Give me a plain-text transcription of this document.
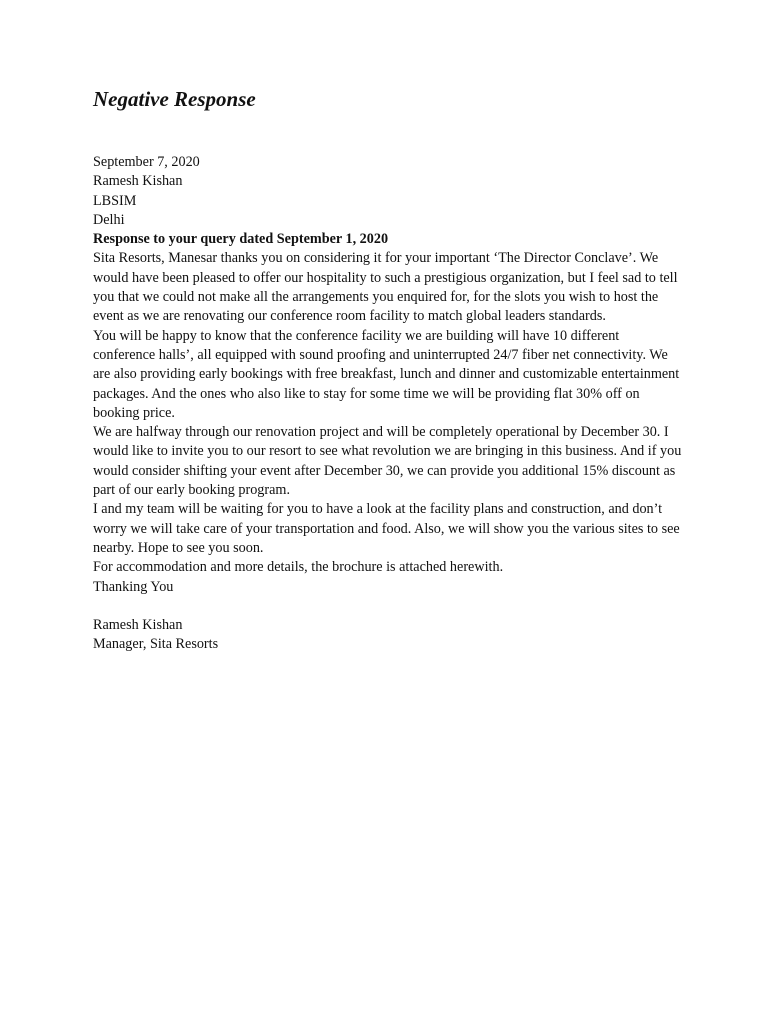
Negative Response
September 7, 2020
Ramesh Kishan
LBSIM
Delhi
Response to your query dated September 1, 2020
Sita Resorts, Manesar thanks you on considering it for your important ‘The Director Conclave’. We would have been pleased to offer our hospitality to such a prestigious organization, but I feel sad to tell you that we could not make all the arrangements you enquired for, for the slots you wish to host the event as we are renovating our conference room facility to match global leaders standards.
You will be happy to know that the conference facility we are building will have 10 different conference halls’, all equipped with sound proofing and uninterrupted 24/7 fiber net connectivity. We are also providing early bookings with free breakfast, lunch and dinner and customizable entertainment packages. And the ones who also like to stay for some time we will be providing flat 30% off on booking price.
We are halfway through our renovation project and will be completely operational by December 30. I would like to invite you to our resort to see what revolution we are bringing in this business. And if you would consider shifting your event after December 30, we can provide you additional 15% discount as part of our early booking program.
I and my team will be waiting for you to have a look at the facility plans and construction, and don’t worry we will take care of your transportation and food. Also, we will show you the various sites to see nearby. Hope to see you soon.
For accommodation and more details, the brochure is attached herewith.
Thanking You
Ramesh Kishan
Manager, Sita Resorts
